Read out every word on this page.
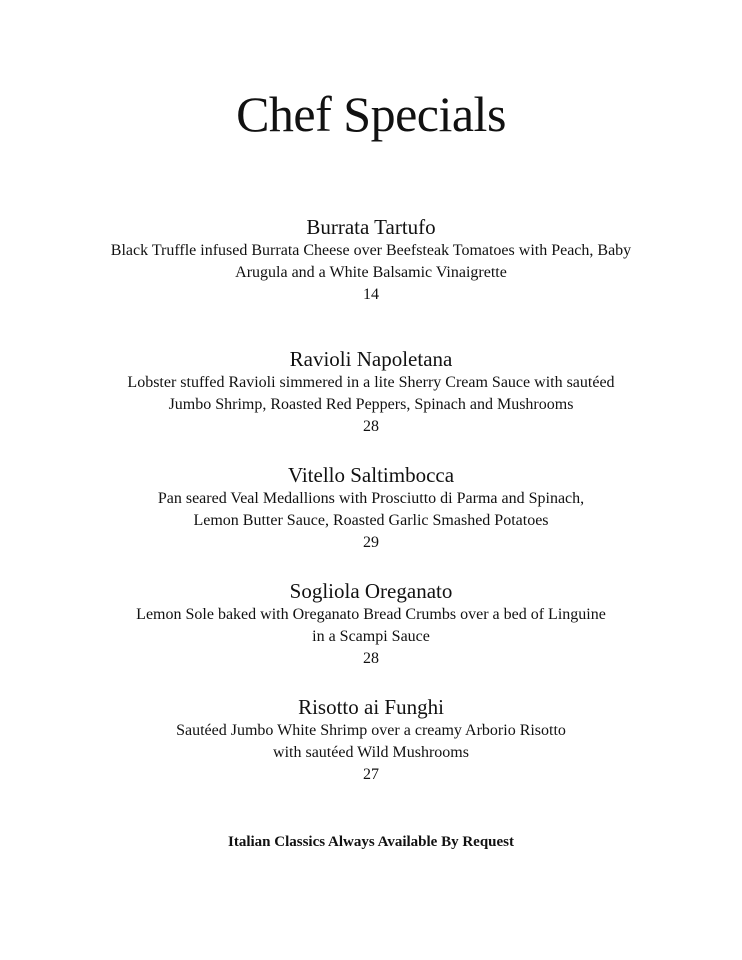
Chef Specials
Burrata Tartufo

Black Truffle infused Burrata Cheese over Beefsteak Tomatoes with Peach, Baby
Arugula and a White Balsamic Vinaigrette

14

Ravioli Napoletana

Lobster stuffed Ravioli simmered in a lite Sherry Cream Sauce with sautéed
Jumbo Shrimp, Roasted Red Peppers, Spinach and Mushrooms

28

Vitello Saltimbocca

Pan seared Veal Medallions with Prosciutto di Parma and Spinach,
Lemon Butter Sauce, Roasted Garlic Smashed Potatoes

29

Sogliola Oreganato

Lemon Sole baked with Oreganato Bread Crumbs over a bed of Linguine
in a Scampi Sauce

28

Risotto ai Funghi

Sautéed Jumbo White Shrimp over a creamy Arborio Risotto
with sautéed Wild Mushrooms

27

Italian Classics Always Available By Request
